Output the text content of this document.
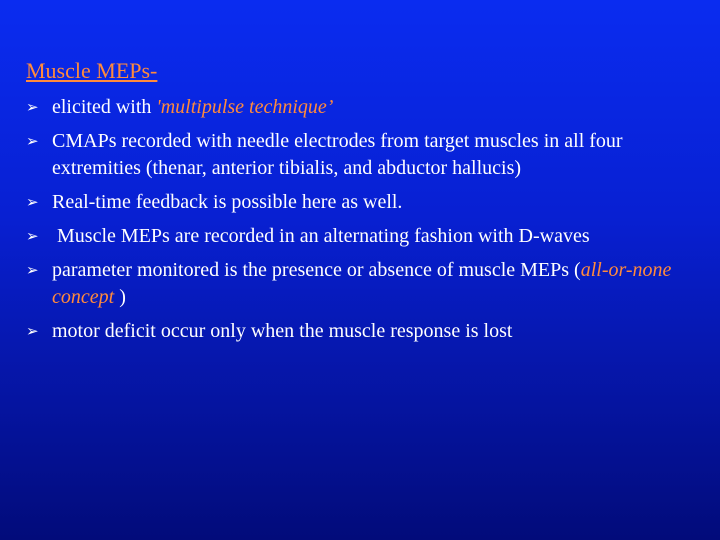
Muscle MEPs-
➢ elicited with 'multipulse technique’
➢ CMAPs recorded with needle electrodes from target muscles in all four extremities (thenar, anterior tibialis, and abductor hallucis)
➢ Real-time feedback is possible here as well.
➢ Muscle MEPs are recorded in an alternating fashion with D-waves
➢ parameter monitored is the presence or absence of muscle MEPs (all-or-none concept )
➢ motor deficit occur only when the muscle response is lost
